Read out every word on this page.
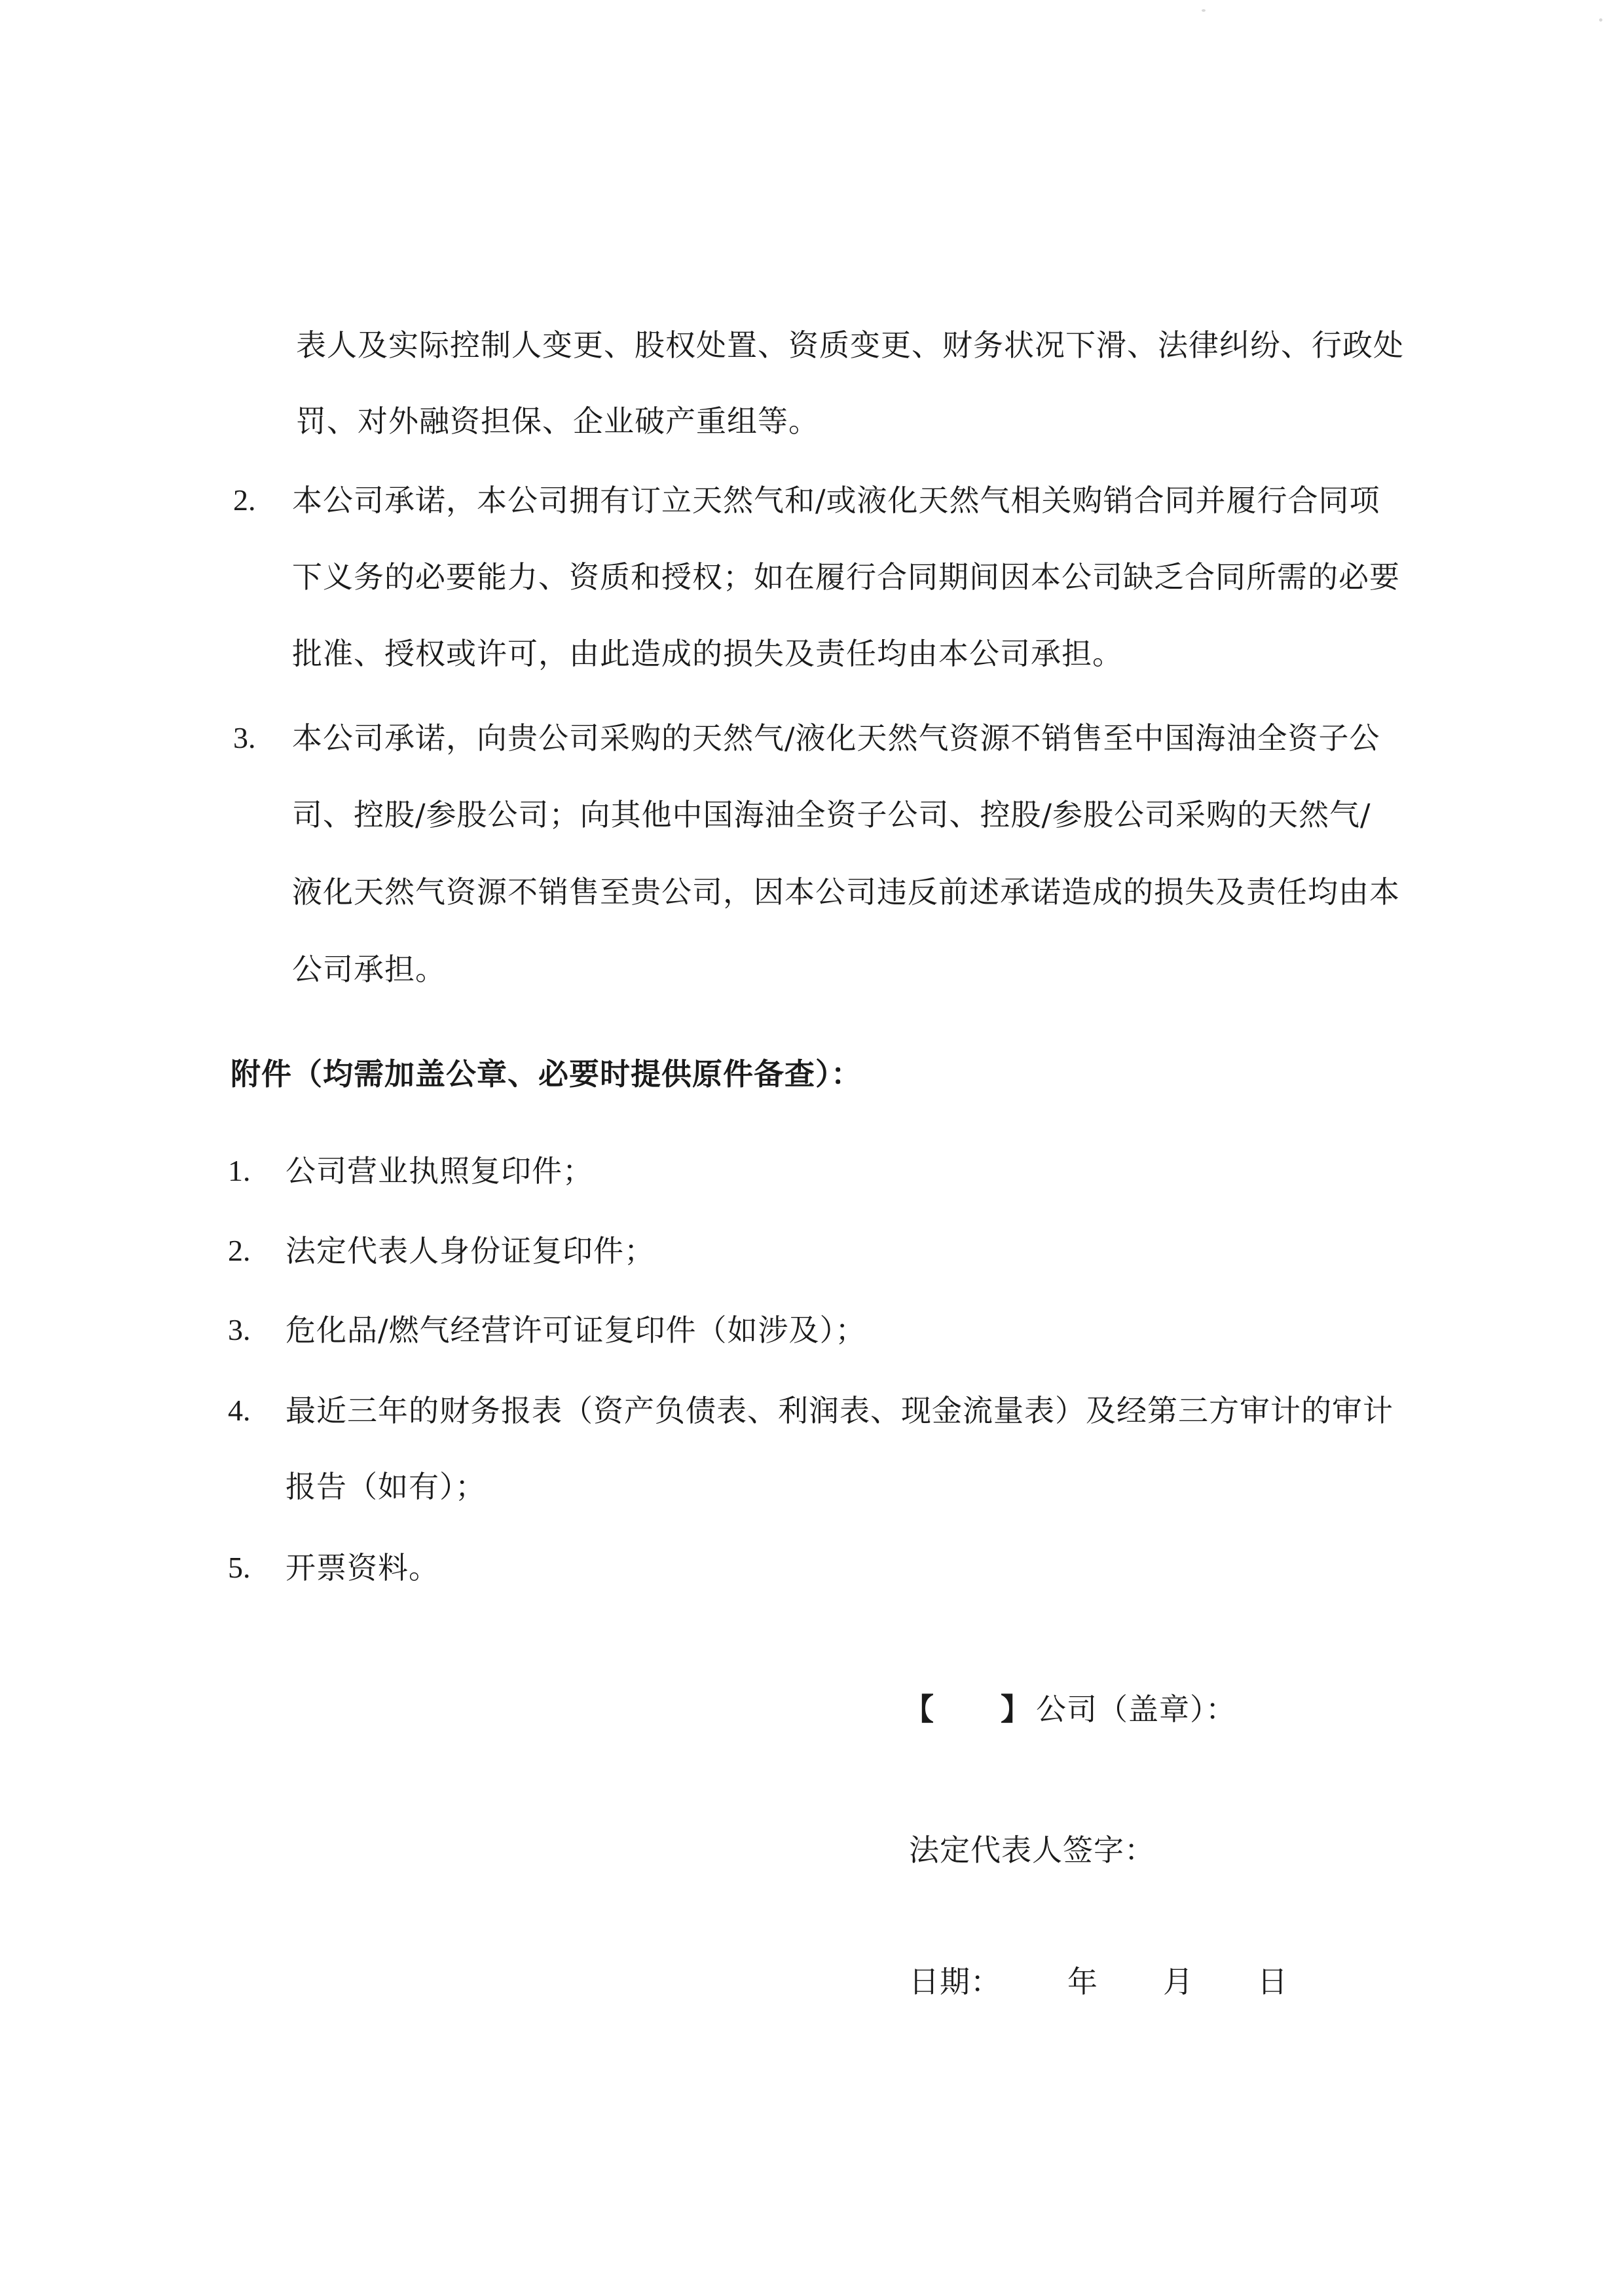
表人及实际控制人变更、股权处置、资质变更、财务状况下滑、法律纠纷、行政处
罚、对外融资担保、企业破产重组等。
2. 本公司承诺，本公司拥有订立天然气和/或液化天然气相关购销合同并履行合同项
下义务的必要能力、资质和授权；如在履行合同期间因本公司缺乏合同所需的必要
批准、授权或许可，由此造成的损失及责任均由本公司承担。
3. 本公司承诺，向贵公司采购的天然气/液化天然气资源不销售至中国海油全资子公
司、控股/参股公司；向其他中国海油全资子公司、控股/参股公司采购的天然气/
液化天然气资源不销售至贵公司，因本公司违反前述承诺造成的损失及责任均由本
公司承担。
附件（均需加盖公章、必要时提供原件备查）：
1. 公司营业执照复印件；
2. 法定代表人身份证复印件；
3. 危化品/燃气经营许可证复印件（如涉及）；
4. 最近三年的财务报表（资产负债表、利润表、现金流量表）及经第三方审计的审计
报告（如有）；
5. 开票资料。
【 】 公司（盖章）：
法定代表人签字：
日期： 年 月 日
